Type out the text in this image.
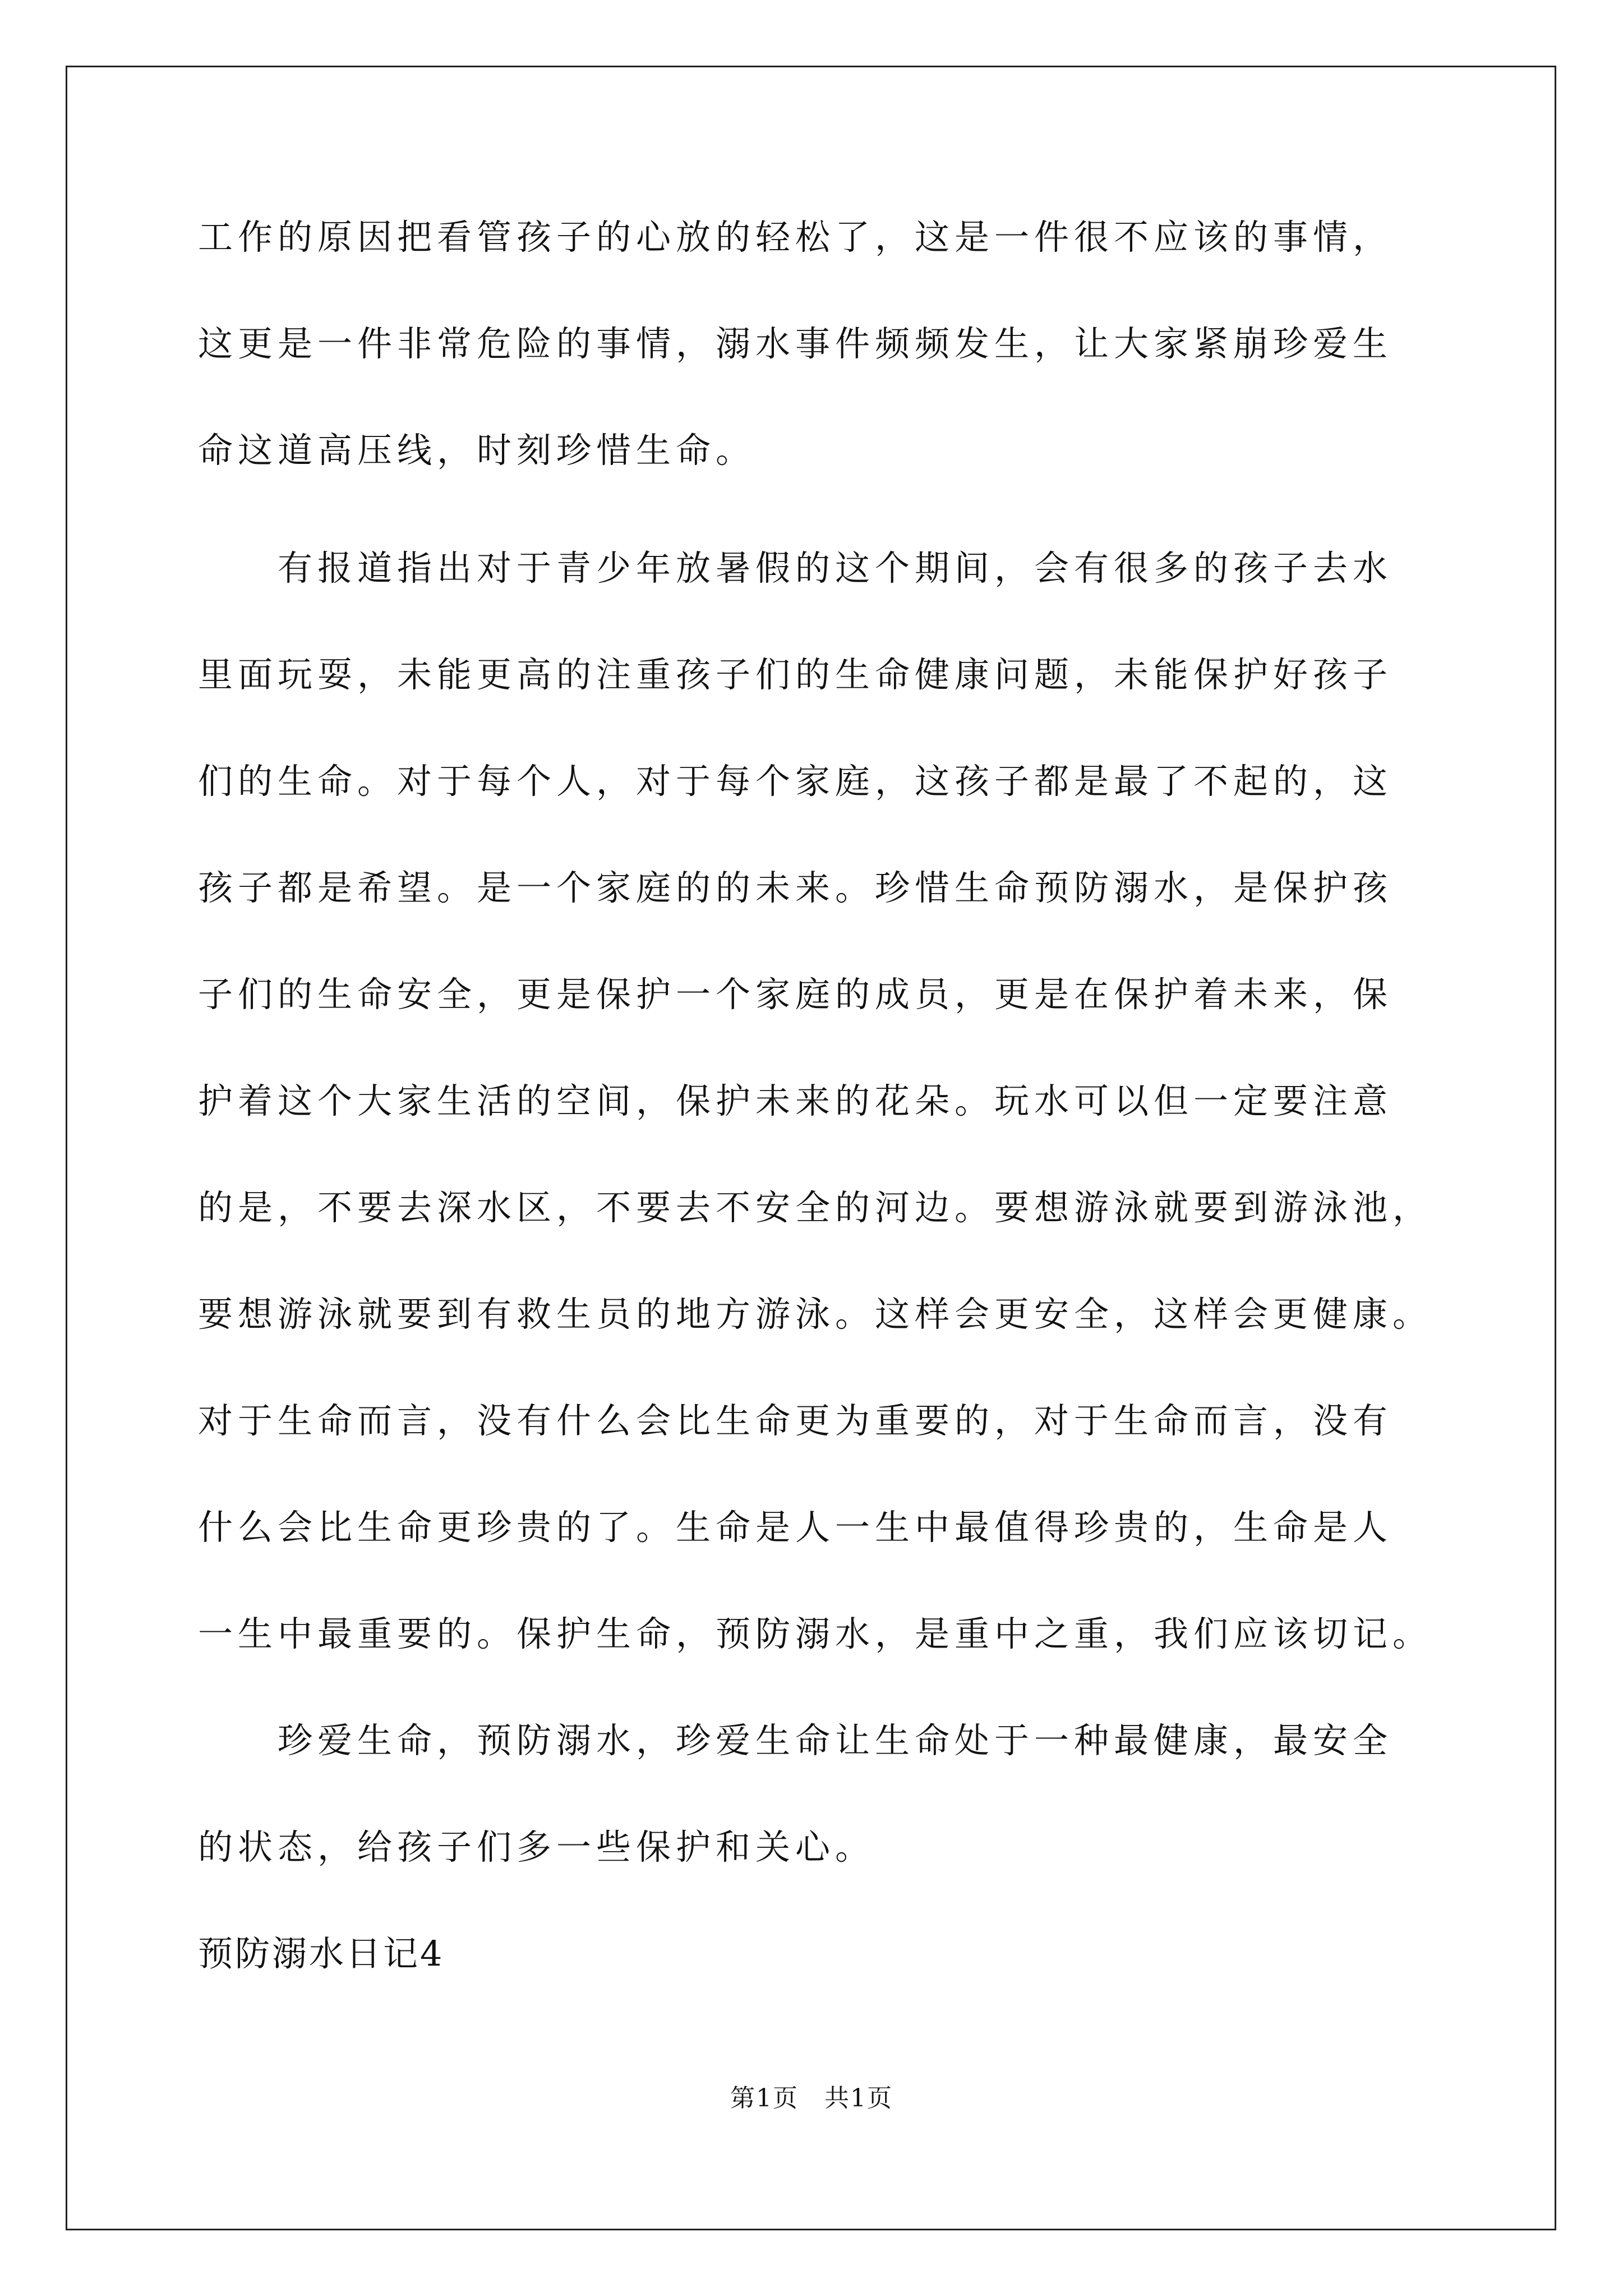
工作的原因把看管孩子的心放的轻松了，这是一件很不应该的事情，
这更是一件非常危险的事情，溺水事件频频发生，让大家紧崩珍爱生
命这道高压线，时刻珍惜生命。
　　有报道指出对于青少年放暑假的这个期间，会有很多的孩子去水
里面玩耍，未能更高的注重孩子们的生命健康问题，未能保护好孩子
们的生命。对于每个人，对于每个家庭，这孩子都是最了不起的，这
孩子都是希望。是一个家庭的的未来。珍惜生命预防溺水，是保护孩
子们的生命安全，更是保护一个家庭的成员，更是在保护着未来，保
护着这个大家生活的空间，保护未来的花朵。玩水可以但一定要注意
的是，不要去深水区，不要去不安全的河边。要想游泳就要到游泳池，
要想游泳就要到有救生员的地方游泳。这样会更安全，这样会更健康。
对于生命而言，没有什么会比生命更为重要的，对于生命而言，没有
什么会比生命更珍贵的了。生命是人一生中最值得珍贵的，生命是人
一生中最重要的。保护生命，预防溺水，是重中之重，我们应该切记。
　　珍爱生命，预防溺水，珍爱生命让生命处于一种最健康，最安全
的状态，给孩子们多一些保护和关心。
预防溺水日记4
第1页　共1页
